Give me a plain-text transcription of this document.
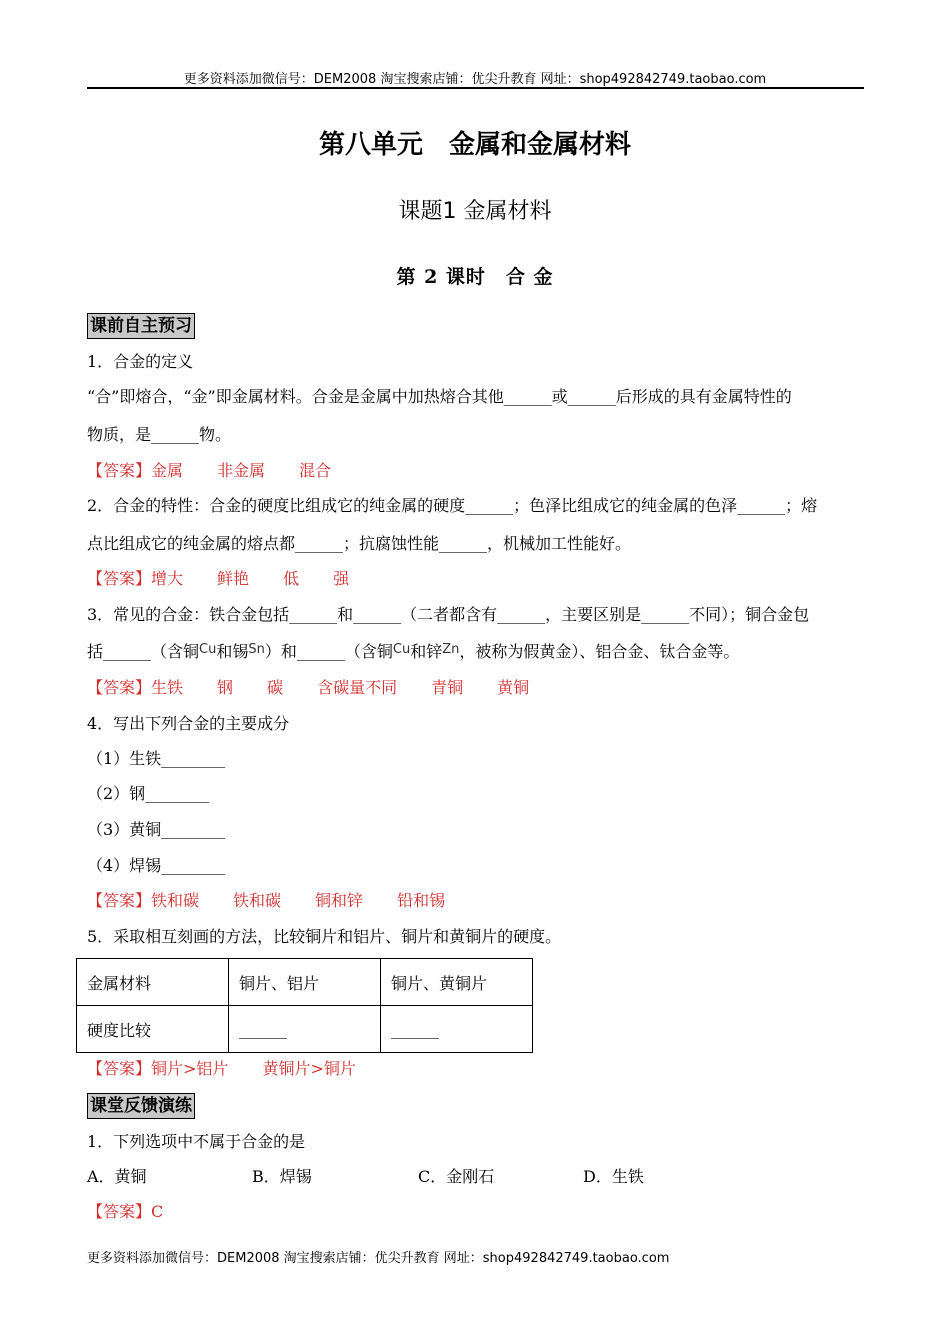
更多资料添加微信号：DEM2008 淘宝搜索店铺：优尖升教育 网址：shop492842749.taobao.com
第八单元　金属和金属材料
课题1 金属材料
第 2 课时　合 金
课前自主预习
1．合金的定义
“合”即熔合，“金”即金属材料。合金是金属中加热熔合其他______或______后形成的具有金属特性的
物质，是______物。
【答案】金属 非金属 混合
2．合金的特性：合金的硬度比组成它的纯金属的硬度______；色泽比组成它的纯金属的色泽______；熔
点比组成它的纯金属的熔点都______；抗腐蚀性能______，机械加工性能好。
【答案】增大 鲜艳 低 强
3．常见的合金：铁合金包括______和______（二者都含有______，主要区别是______不同）；铜合金包
括______（含铜$^{Cu}$和锡$^{Sn}$）和______（含铜$^{Cu}$和锌$^{Zn}$，被称为假黄金）、铝合金、钛合金等。
【答案】生铁 钢 碳 含碳量不同 青铜 黄铜
4．写出下列合金的主要成分
（1）生铁________
（2）钢________
（3）黄铜________
（4）焊锡________
【答案】铁和碳 铁和碳 铜和锌 铅和锡
5．采取相互刻画的方法，比较铜片和铝片、铜片和黄铜片的硬度。
金属材料	铜片、铝片	铜片、黄铜片
硬度比较	______	______
【答案】铜片>铝片 黄铜片>铜片
课堂反馈演练
1．下列选项中不属于合金的是
A．黄铜	B．焊锡	C．金刚石	D．生铁
【答案】C
更多资料添加微信号：DEM2008 淘宝搜索店铺：优尖升教育 网址：shop492842749.taobao.com
